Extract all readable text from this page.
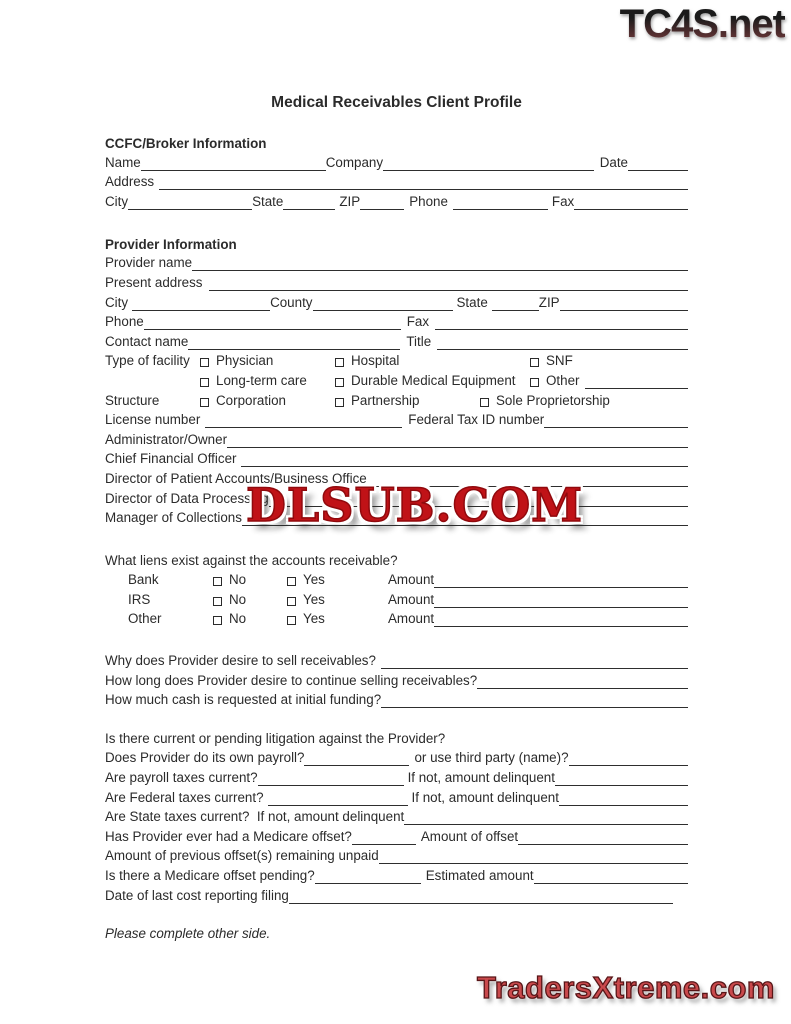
TC4S.net
Medical Receivables Client Profile
CCFC/Broker Information
Name	Company	Date
Address
City	State	ZIP	Phone	Fax
Provider Information
Provider name
Present address
City	County	State	ZIP
Phone	Fax
Contact name	Title
Type of facility Physician	Hospital	SNF
Long-term care	Durable Medical Equipment Other
Structure	Corporation	Partnership	Sole Proprietorship
License number	Federal Tax ID number
Administrator/Owner
Chief Financial Officer
Director of Patient Accounts/Business Office
Director of Data Processing
Manager of Collections
What liens exist against the accounts receivable?
Bank	No	Yes	Amount
IRS	No	Yes	Amount
Other	No	Yes	Amount
Why does Provider desire to sell receivables?
How long does Provider desire to continue selling receivables?
How much cash is requested at initial funding?
Is there current or pending litigation against the Provider?
Does Provider do its own payroll?	or use third party (name)?
Are payroll taxes current?	If not, amount delinquent
Are Federal taxes current?	If not, amount delinquent
Are State taxes current?  If not, amount delinquent
Has Provider ever had a Medicare offset?	Amount of offset
Amount of previous offset(s) remaining unpaid
Is there a Medicare offset pending?	Estimated amount
Date of last cost reporting filing
Please complete other side.
DLSUB.COM
TradersXtreme.com
